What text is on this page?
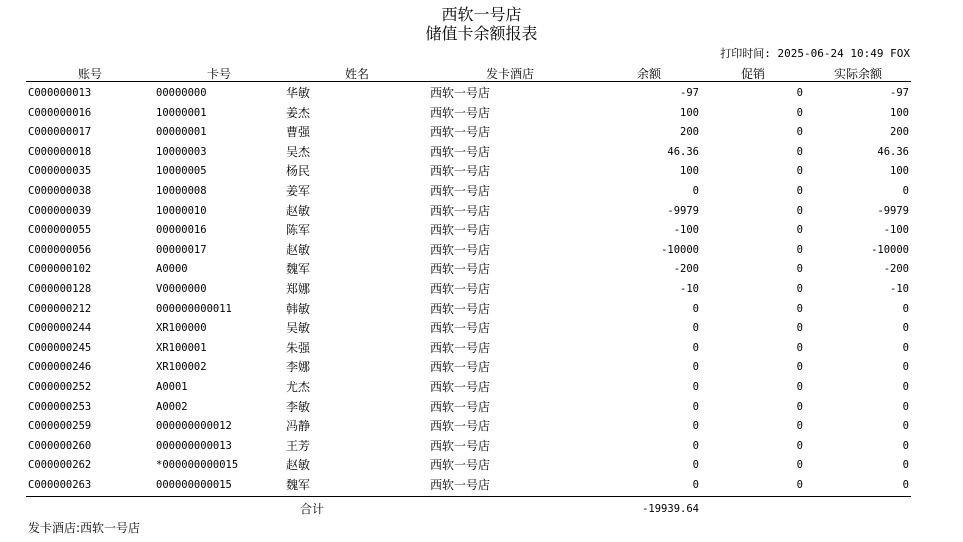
西软一号店
储值卡余额报表
打印时间: 2025-06-24 10:49 FOX
账号	卡号	姓名	发卡酒店	余额	促销	实际余额
C000000013	00000000	华敏	西软一号店	-97	0	-97
C000000016	10000001	姜杰	西软一号店	100	0	100
C000000017	00000001	曹强	西软一号店	200	0	200
C000000018	10000003	吴杰	西软一号店	46.36	0	46.36
C000000035	10000005	杨民	西软一号店	100	0	100
C000000038	10000008	姜军	西软一号店	0	0	0
C000000039	10000010	赵敏	西软一号店	-9979	0	-9979
C000000055	00000016	陈军	西软一号店	-100	0	-100
C000000056	00000017	赵敏	西软一号店	-10000	0	-10000
C000000102	A0000	魏军	西软一号店	-200	0	-200
C000000128	V0000000	郑娜	西软一号店	-10	0	-10
C000000212	000000000011	韩敏	西软一号店	0	0	0
C000000244	XR100000	吴敏	西软一号店	0	0	0
C000000245	XR100001	朱强	西软一号店	0	0	0
C000000246	XR100002	李娜	西软一号店	0	0	0
C000000252	A0001	尤杰	西软一号店	0	0	0
C000000253	A0002	李敏	西软一号店	0	0	0
C000000259	000000000012	冯静	西软一号店	0	0	0
C000000260	000000000013	王芳	西软一号店	0	0	0
C000000262	*000000000015	赵敏	西软一号店	0	0	0
C000000263	000000000015	魏军	西软一号店	0	0	0
合计	-19939.64
发卡酒店:西软一号店
